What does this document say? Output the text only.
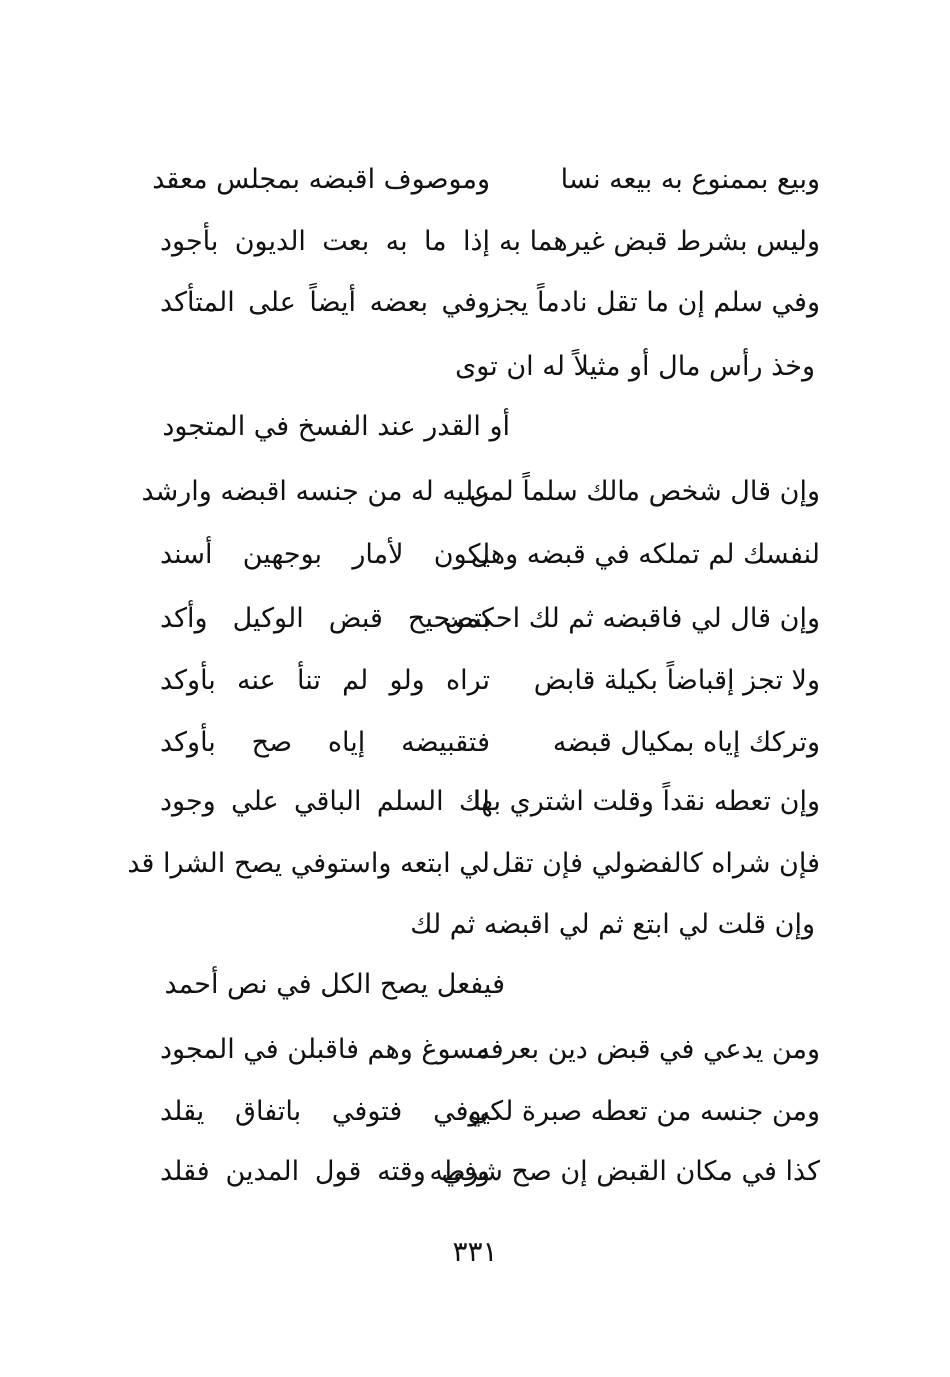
وبيع بممنوع به بيعه نسا
وموصوف اقبضه بمجلس معقد
وليس بشرط قبض غيرهما به
إذا ما به بعت الديون بأجود
وفي سلم إن ما تقل نادماً يجز
وفي بعضه أيضاً على المتأكد
وخذ رأس مال أو مثيلاً له ان توى
أو القدر عند الفسخ في المتجود
وإن قال شخص مالك سلماً لمن
عليه له من جنسه اقبضه وارشد
لنفسك لم تملكه في قبضه وهل
يكون لأمار بوجهين أسند
وإن قال لي فاقبضه ثم لك احكمن
بتصحيح قبض الوكيل وأكد
ولا تجز إقباضاً بكيلة قابض
تراه ولو لم تنأ عنه بأوكد
وتركك إياه بمكيال قبضه
فتقبيضه إياه صح بأوكد
وإن تعطه نقداً وقلت اشتري بها
لك السلم الباقي علي وجود
فإن شراه كالفضولي فإن تقل
لي ابتعه واستوفي يصح الشرا قد
وإن قلت لي ابتع ثم لي اقبضه ثم لك
فيفعل يصح الكل في نص أحمد
ومن يدعي في قبض دين بعرفه
مسوغ وهم فاقبلن في المجود
ومن جنسه من تعطه صبرة لكي
يوفي فتوفي باتفاق يقلد
كذا في مكان القبض إن صح شرطه
وفي وقته قول المدين فقلد
٣٣١
